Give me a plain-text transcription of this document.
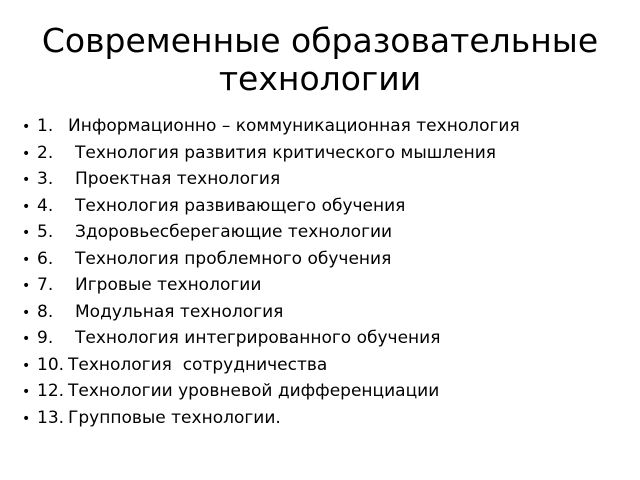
Современные образовательные технологии
• 1. Информационно – коммуникационная технология
• 2.	Технология развития критического мышления
• 3.	Проектная технология
• 4.	Технология развивающего обучения
• 5.	Здоровьесберегающие технологии
• 6.	Технология проблемного обучения
• 7.	Игровые технологии
• 8.	Модульная технология
• 9.	Технология интегрированного обучения
• 10. Технология  сотрудничества
• 12. Технологии уровневой дифференциации
• 13. Групповые технологии.
